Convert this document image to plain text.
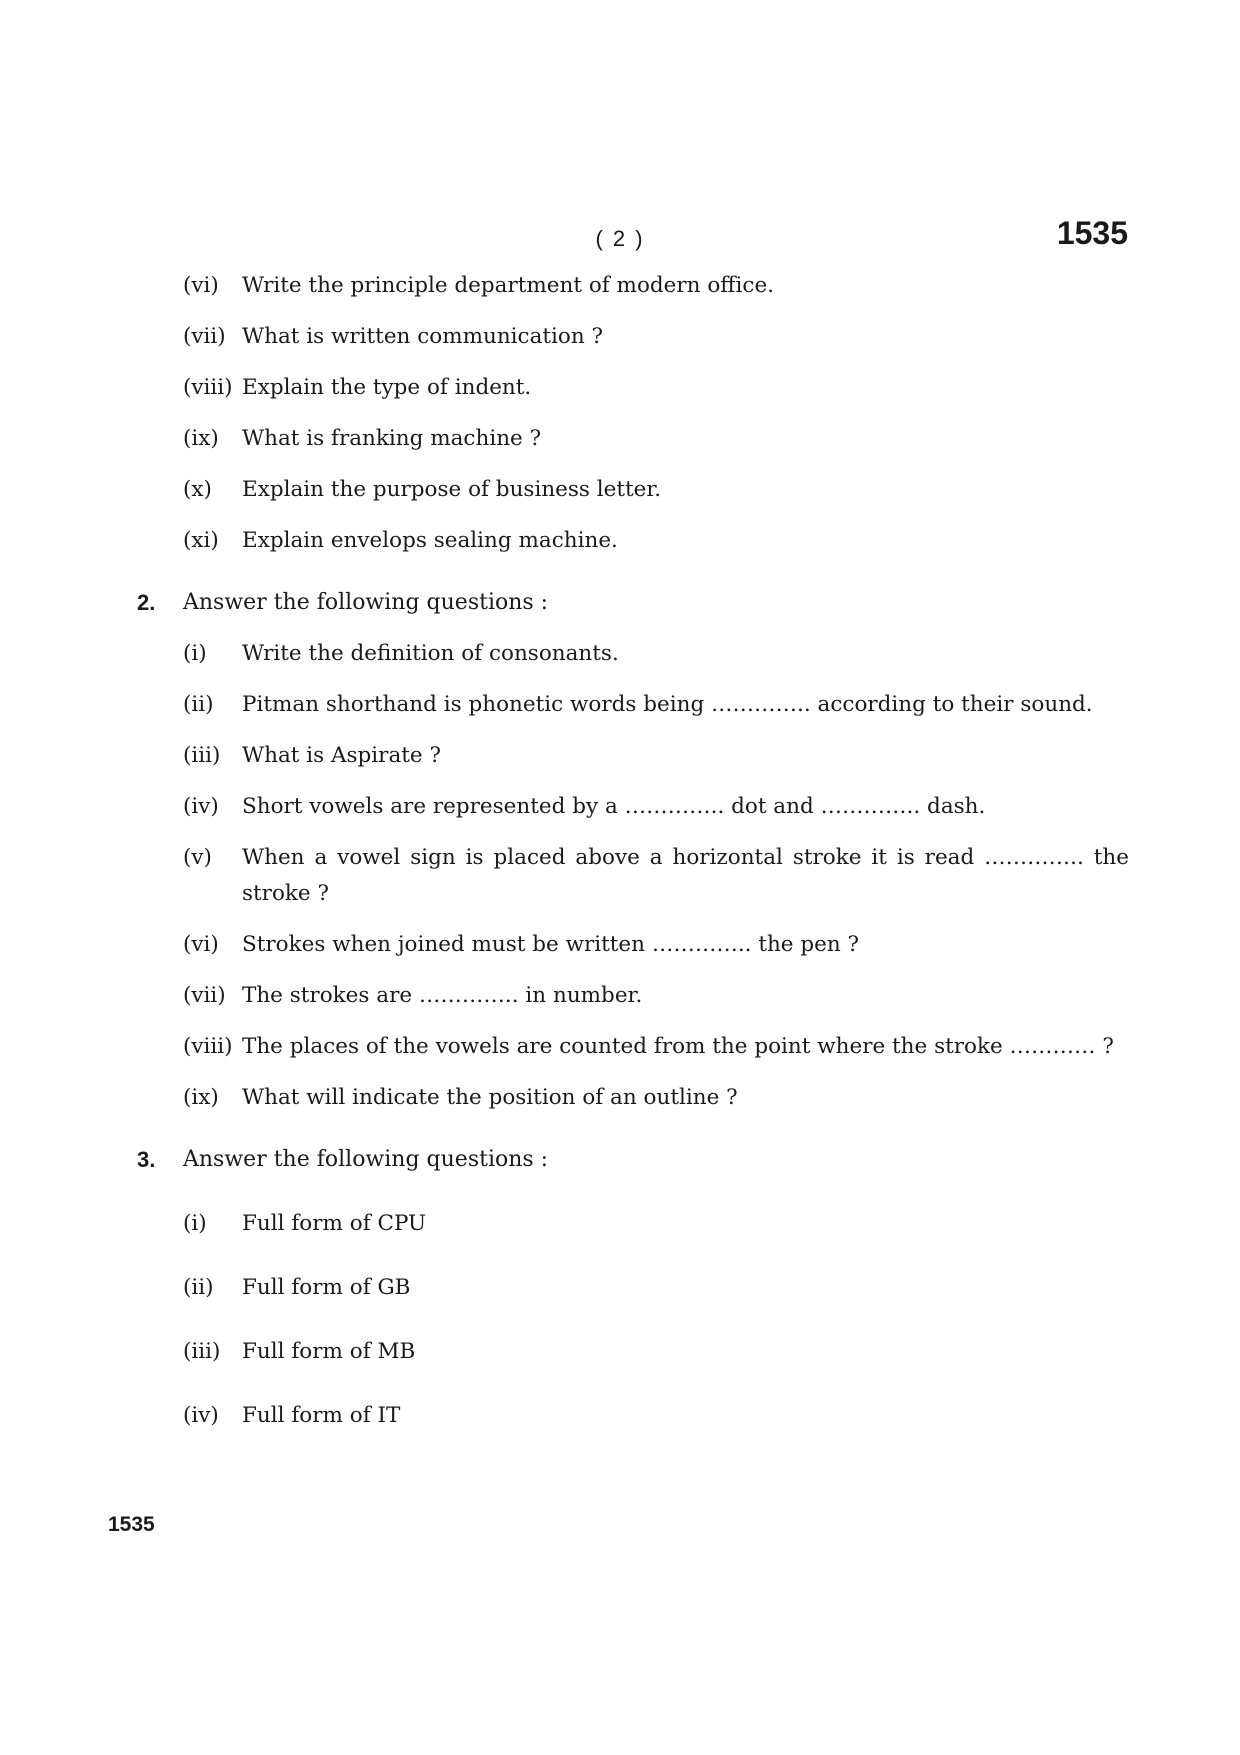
( 2 )	1535
(vi)	Write the principle department of modern office.
(vii) What is written communication ?
(viii) Explain the type of indent.
(ix)	What is franking machine ?
(x)	Explain the purpose of business letter.
(xi)	Explain envelops sealing machine.
2. Answer the following questions :
(i)	Write the definition of consonants.
(ii)	Pitman shorthand is phonetic words being ………….. according to their sound.
(iii)	What is Aspirate ?
(iv)	Short vowels are represented by a ………….. dot and ………….. dash.
(v)	When a vowel sign is placed above a horizontal stroke it is read ………….. the stroke ?
(vi)	Strokes when joined must be written ………….. the pen ?
(vii) The strokes are ………….. in number.
(viii) The places of the vowels are counted from the point where the stroke ………… ?
(ix)	What will indicate the position of an outline ?
3. Answer the following questions :
(i)	Full form of CPU
(ii)	Full form of GB
(iii)	Full form of MB
(iv)	Full form of IT
1535
